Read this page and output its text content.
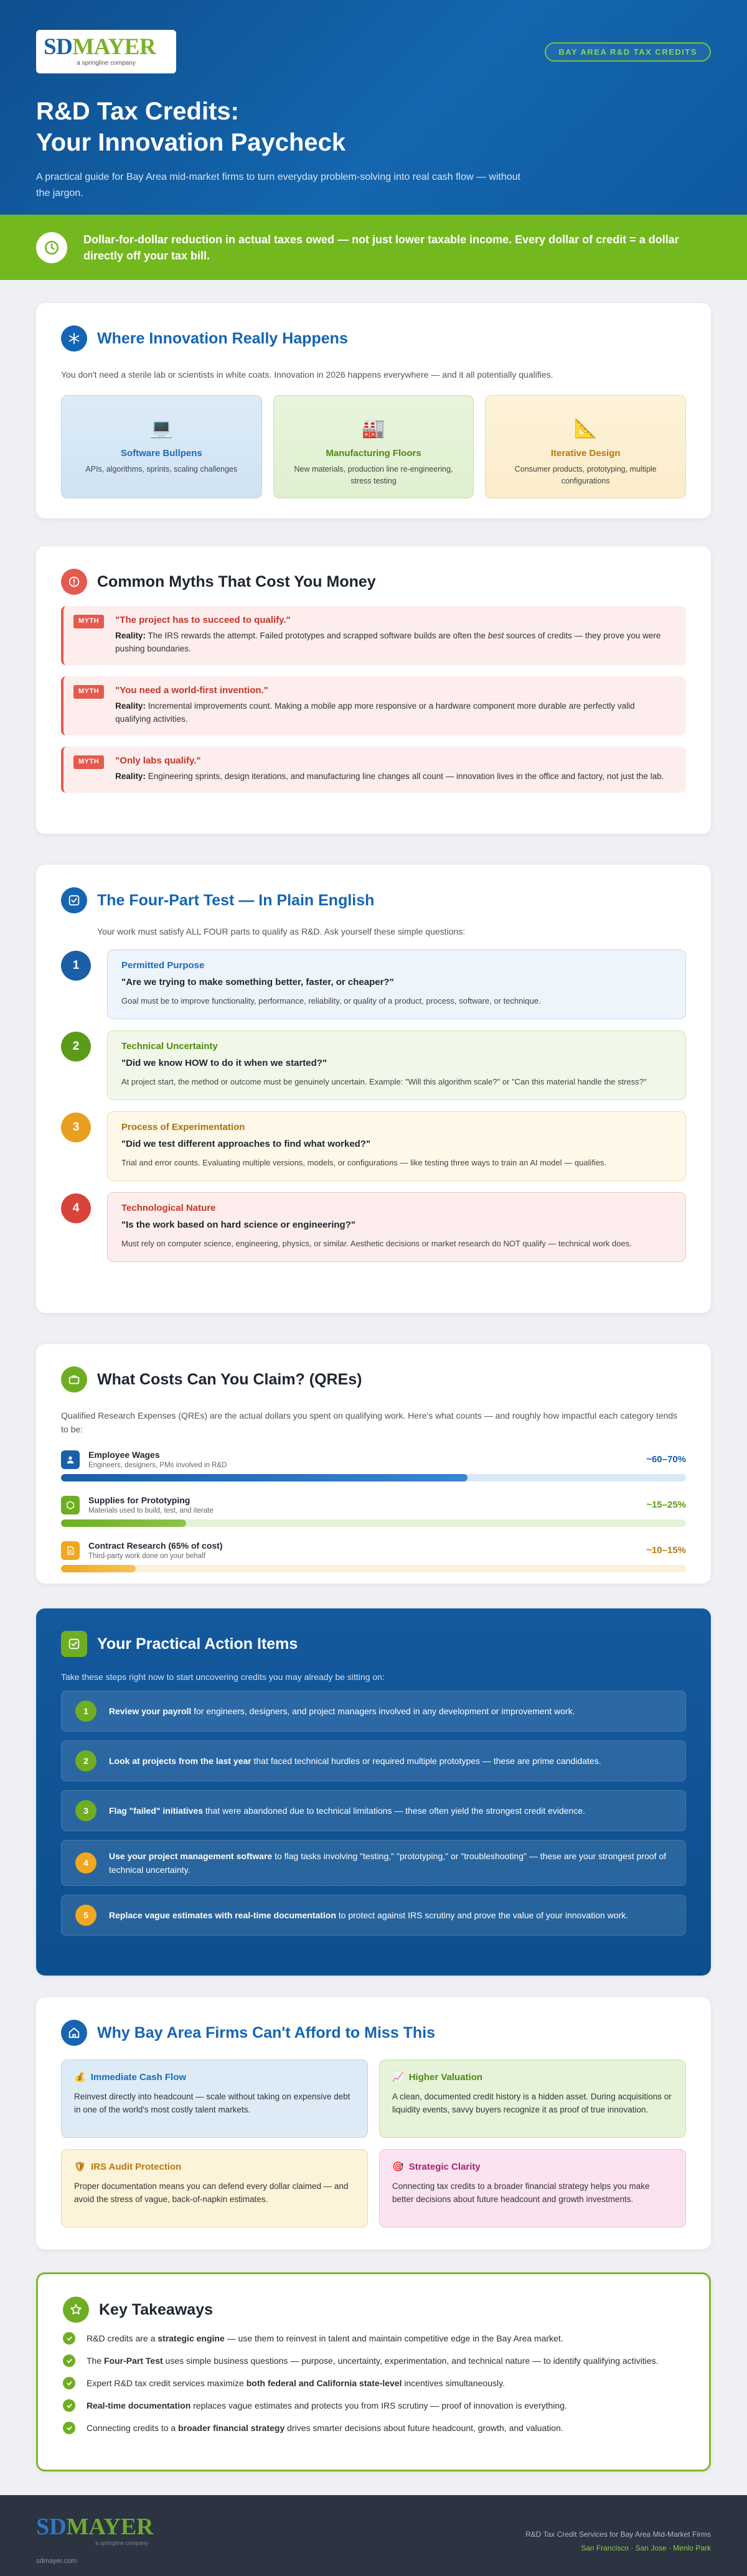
SDMAYER
a springline company
BAY AREA R&D TAX CREDITS
R&D Tax Credits:
Your Innovation Paycheck

A practical guide for Bay Area mid-market firms to turn everyday problem-solving into real cash flow — without the jargon.

Dollar-for-dollar reduction in actual taxes owed — not just lower taxable income. Every dollar of credit = a dollar directly off your tax bill.
Where Innovation Really Happens

You don't need a sterile lab or scientists in white coats. Innovation in 2026 happens everywhere — and it all potentially qualifies.

💻
Software Bullpens
APIs, algorithms, sprints, scaling challenges
🏭
Manufacturing Floors
New materials, production line re-engineering, stress testing
📐
Iterative Design
Consumer products, prototyping, multiple configurations
Common Myths That Cost You Money
MYTH	"The project has to succeed to qualify."
Reality: The IRS rewards the attempt. Failed prototypes and scrapped software builds are often the best sources of credits — they prove you were pushing boundaries.
MYTH	"You need a world-first invention."
Reality: Incremental improvements count. Making a mobile app more responsive or a hardware component more durable are perfectly valid qualifying activities.
MYTH	"Only labs qualify."
Reality: Engineering sprints, design iterations, and manufacturing line changes all count — innovation lives in the office and factory, not just the lab.
The Four-Part Test — In Plain English

Your work must satisfy ALL FOUR parts to qualify as R&D. Ask yourself these simple questions:

1	Permitted Purpose
"Are we trying to make something better, faster, or cheaper?"
Goal must be to improve functionality, performance, reliability, or quality of a product, process, software, or technique.
2	Technical Uncertainty
"Did we know HOW to do it when we started?"
At project start, the method or outcome must be genuinely uncertain. Example: "Will this algorithm scale?" or "Can this material handle the stress?"
3	Process of Experimentation
"Did we test different approaches to find what worked?"
Trial and error counts. Evaluating multiple versions, models, or configurations — like testing three ways to train an AI model — qualifies.
4	Technological Nature
"Is the work based on hard science or engineering?"
Must rely on computer science, engineering, physics, or similar. Aesthetic decisions or market research do NOT qualify — technical work does.
What Costs Can You Claim? (QREs)

Qualified Research Expenses (QREs) are the actual dollars you spent on qualifying work. Here's what counts — and roughly how impactful each category tends to be:

Employee Wages
Engineers, designers, PMs involved in R&D
~60–70%
Supplies for Prototyping
Materials used to build, test, and iterate
~15–25%
Contract Research (65% of cost)
Third-party work done on your behalf
~10–15%
Your Practical Action Items

Take these steps right now to start uncovering credits you may already be sitting on:

1	Review your payroll for engineers, designers, and project managers involved in any development or improvement work.
2	Look at projects from the last year that faced technical hurdles or required multiple prototypes — these are prime candidates.
3	Flag "failed" initiatives that were abandoned due to technical limitations — these often yield the strongest credit evidence.
4
Use your project management software to flag tasks involving "testing," "prototyping," or "troubleshooting" — these are your strongest proof of technical uncertainty.
5	Replace vague estimates with real-time documentation to protect against IRS scrutiny and prove the value of your innovation work.
Why Bay Area Firms Can't Afford to Miss This
💰 Immediate Cash Flow
Reinvest directly into headcount — scale without taking on expensive debt in one of the world's most costly talent markets.
📈 Higher Valuation
A clean, documented credit history is a hidden asset. During acquisitions or liquidity events, savvy buyers recognize it as proof of true innovation.
🛡 IRS Audit Protection
Proper documentation means you can defend every dollar claimed — and avoid the stress of vague, back-of-napkin estimates.
🎯 Strategic Clarity
Connecting tax credits to a broader financial strategy helps you make better decisions about future headcount and growth investments.
Key Takeaways
R&D credits are a strategic engine — use them to reinvest in talent and maintain competitive edge in the Bay Area market.
The Four-Part Test uses simple business questions — purpose, uncertainty, experimentation, and technical nature — to identify qualifying activities.
Expert R&D tax credit services maximize both federal and California state-level incentives simultaneously.
Real-time documentation replaces vague estimates and protects you from IRS scrutiny — proof of innovation is everything.
Connecting credits to a broader financial strategy drives smarter decisions about future headcount, growth, and valuation.
SDMAYER
a springline company
sdmayer.com
R&D Tax Credit Services for Bay Area Mid-Market Firms
San Francisco · San Jose · Menlo Park
